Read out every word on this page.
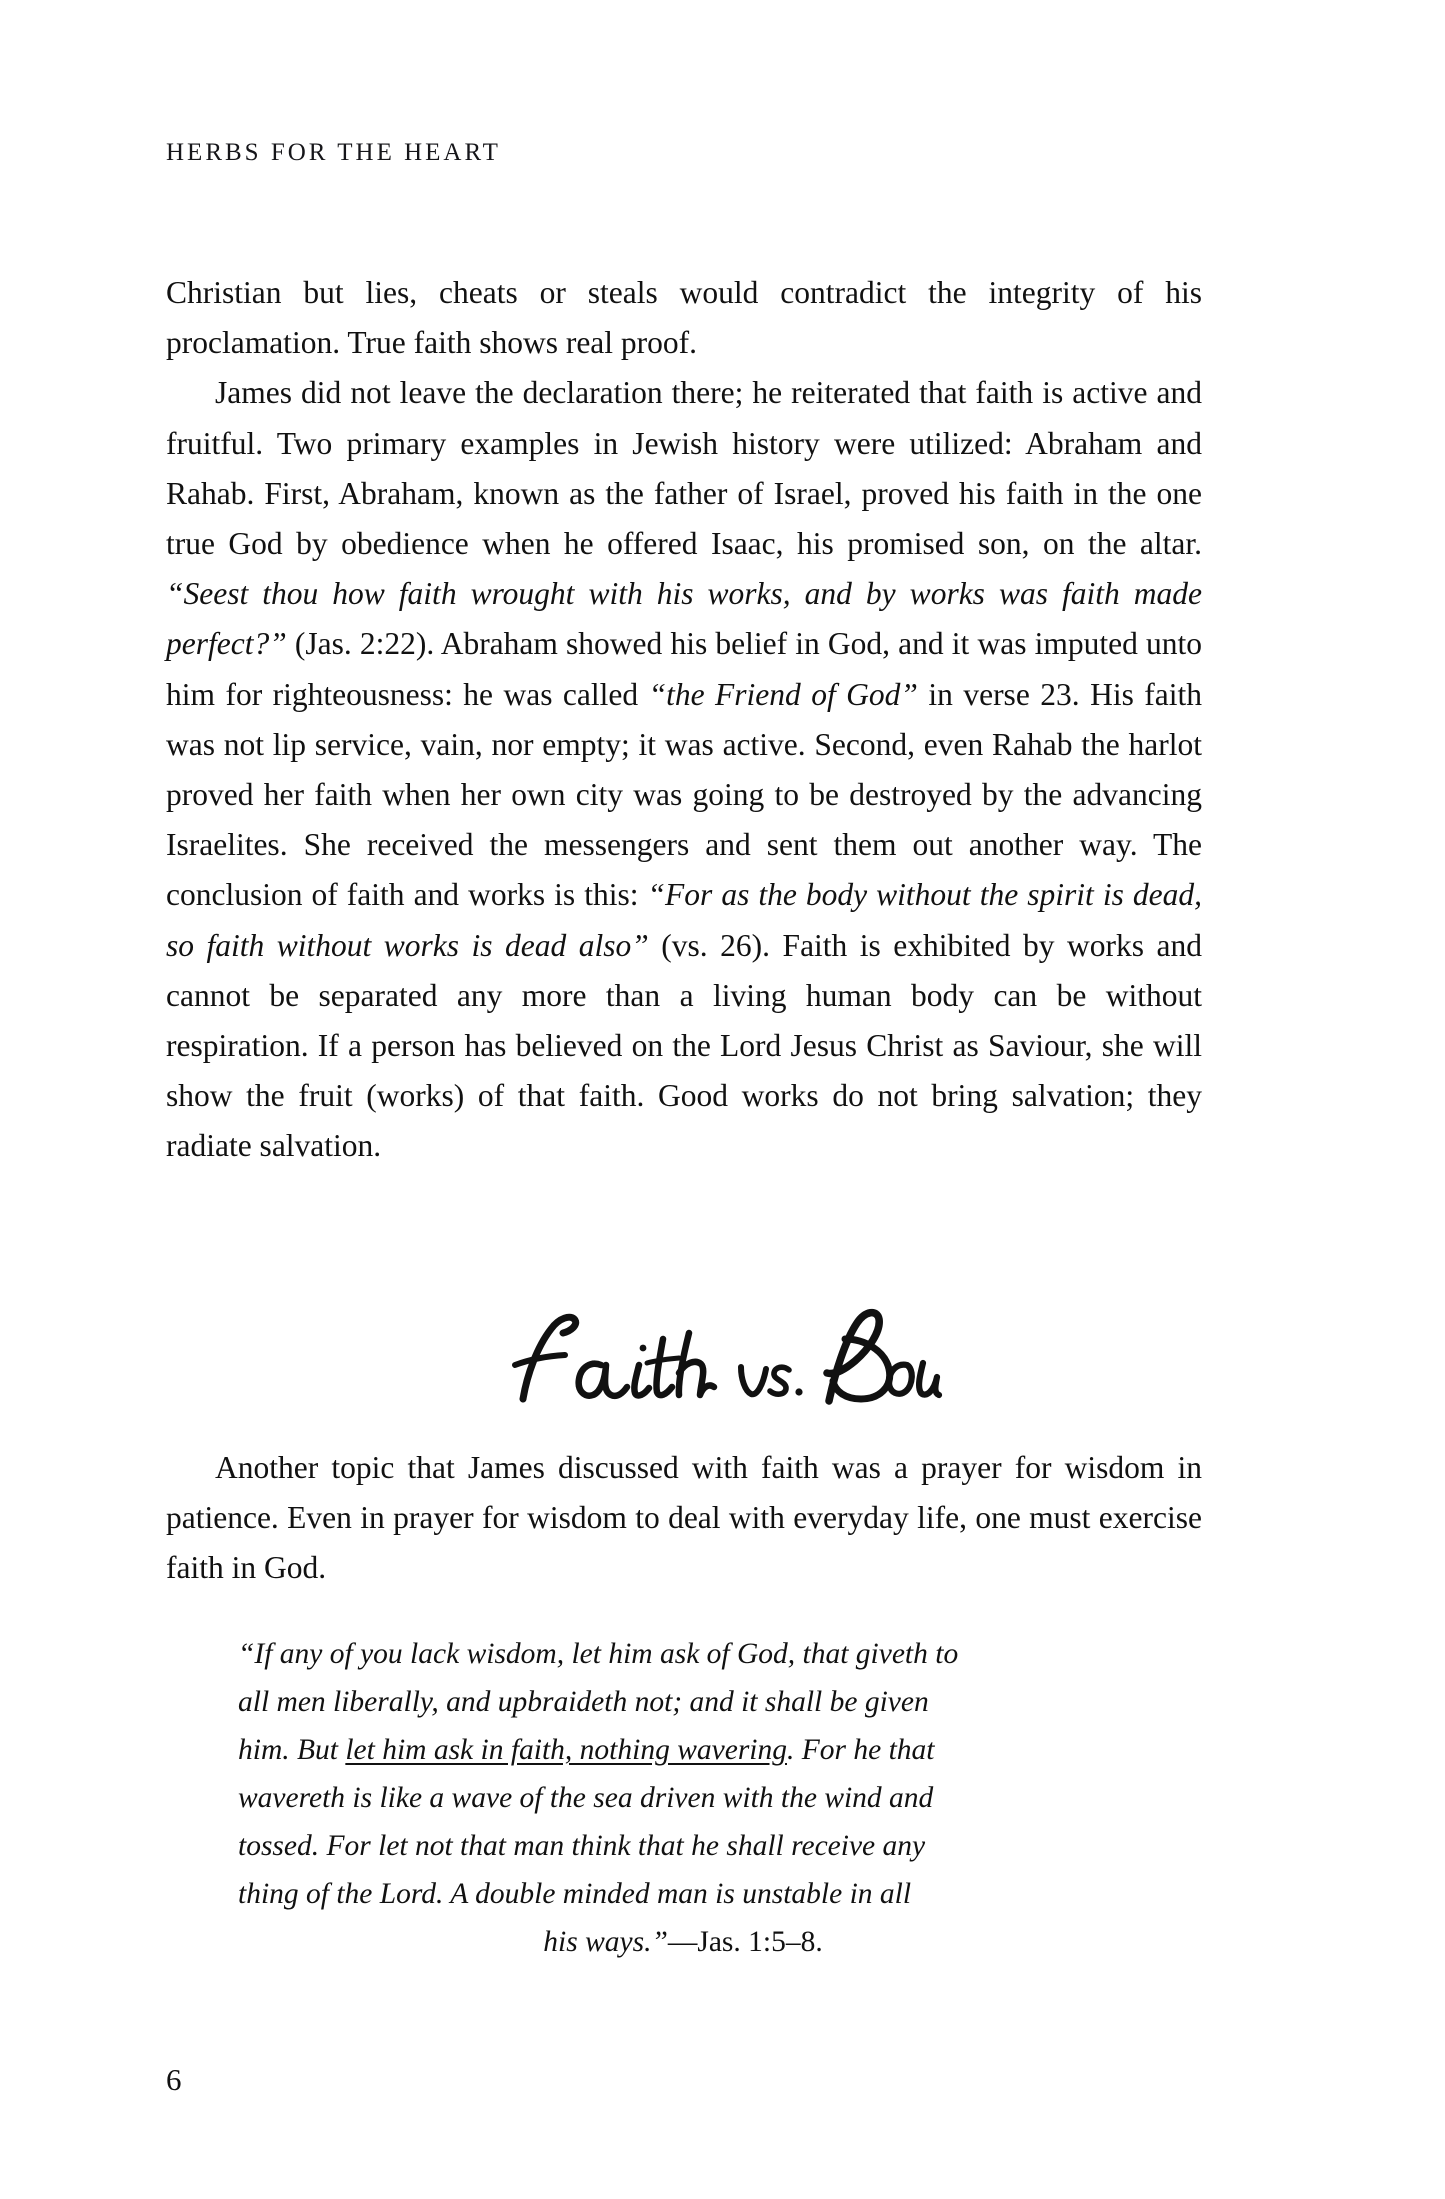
HERBS FOR THE HEART

Christian but lies, cheats or steals would contradict the integrity of his proclamation. True faith shows real proof.

James did not leave the declaration there; he reiterated that faith is active and fruitful. Two primary examples in Jewish history were utilized: Abraham and Rahab. First, Abraham, known as the father of Israel, proved his faith in the one true God by obedience when he offered Isaac, his promised son, on the altar. “Seest thou how faith wrought with his works, and by works was faith made perfect?” (Jas. 2:22). Abraham showed his belief in God, and it was imputed unto him for righteousness: he was called “the Friend of God” in verse 23. His faith was not lip service, vain, nor empty; it was active. Second, even Rahab the harlot proved her faith when her own city was going to be destroyed by the advancing Israelites. She received the messengers and sent them out another way. The conclusion of faith and works is this: “For as the body without the spirit is dead, so faith without works is dead also” (vs. 26). Faith is exhibited by works and cannot be separated any more than a living human body can be without respiration. If a person has believed on the Lord Jesus Christ as Saviour, she will show the fruit (works) of that faith. Good works do not bring salvation; they radiate salvation.

Another topic that James discussed with faith was a prayer for wisdom in patience. Even in prayer for wisdom to deal with everyday life, one must exercise faith in God.

“If any of you lack wisdom, let him ask of God, that giveth to
all men liberally, and upbraideth not; and it shall be given
him. But let him ask in faith, nothing wavering. For he that
wavereth is like a wave of the sea driven with the wind and
tossed. For let not that man think that he shall receive any
thing of the Lord. A double minded man is unstable in all
his ways.”—Jas. 1:5–8.
6
